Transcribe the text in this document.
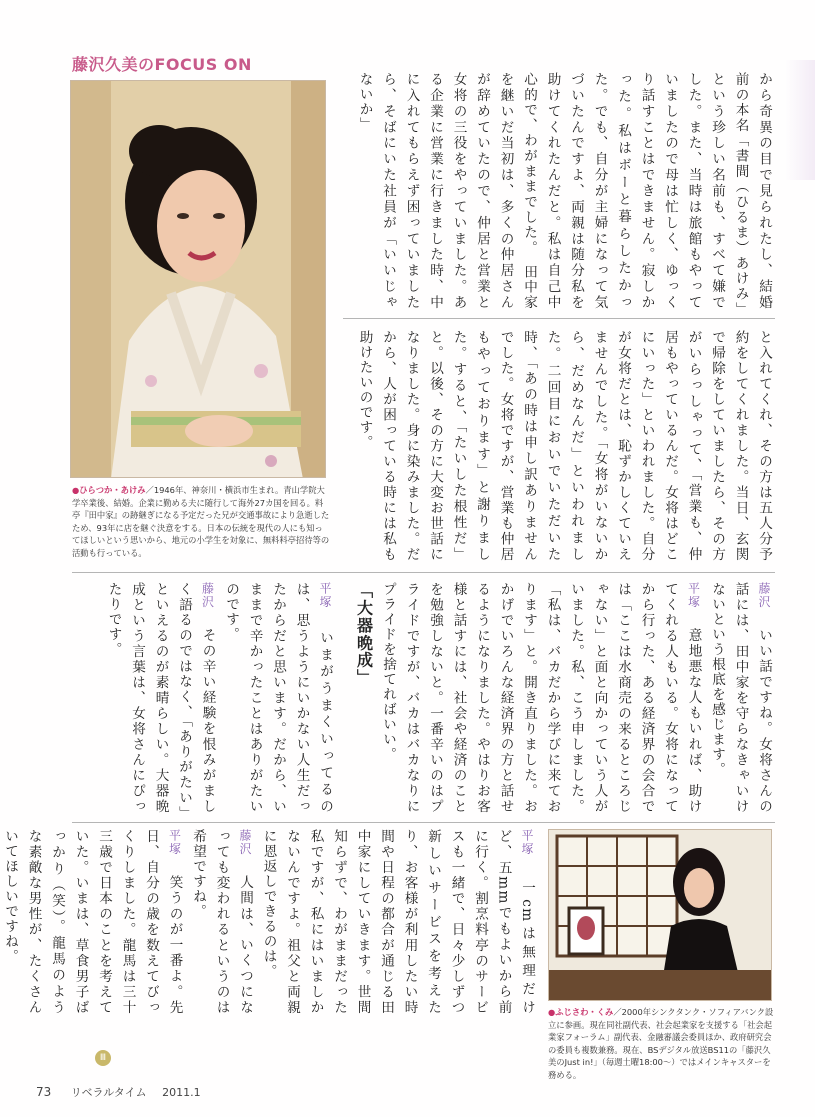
藤沢久美のFOCUS ON
●ひらつか・あけみ／1946年、神奈川・横浜市生まれ。青山学院大学卒業後、結婚。企業に勤める夫に随行して海外27カ国を回る。料亭『田中家』の跡継ぎになる予定だった兄が交通事故により急逝したため、93年に店を継ぐ決意をする。日本の伝統を現代の人にも知ってほしいという思いから、地元の小学生を対象に、無料料亭招待等の活動も行っている。

から奇異の目で見られたし、結婚前の本名「書間（ひるま）あけみ」という珍しい名前も、すべて嫌でした。また、当時は旅館もやっていましたので母は忙しく、ゆっくり話すことはできません。寂しかった。私はボーと暮らしたかった。でも、自分が主婦になって気づいたんですよ、両親は随分私を助けてくれたんだと。私は自己中心的で、わがままでした。　田中家を継いだ当初は、多くの仲居さんが辞めていたので、仲居と営業と女将の三役をやっていました。ある企業に営業に行きました時、中に入れてもらえず困っていましたら、そばにいた社員が「いいじゃないか」

と入れてくれ、その方は五人分予約をしてくれました。当日、玄関で帰除をしていましたら、その方がいらっしゃって、「営業も、仲居もやっているんだ。女将はどこにいった」といわれました。自分が女将だとは、恥ずかしくていえませんでした。「女将がいないから、だめなんだ」といわれました。二回目においでいただいた時、「あの時は申し訳ありませんでした。女将ですが、営業も仲居もやっております」と謝りました。すると、「たいした根性だ」と。以後、その方に大変お世話になりました。身に染みました。だから、人が困っている時には私も助けたいのです。

藤沢　いい話ですね。女将さんの話には、田中家を守らなきゃいけないという根底を感じます。

平塚　意地悪な人もいれば、助けてくれる人もいる。女将になってから行った、ある経済界の会合では「ここは水商売の来るところじゃない」と面と向かっていう人がいました。私、こう申しました。「私は、バカだから学びに来ております」と。開き直りました。おかげでいろんな経済界の方と話せるようになりました。やはりお客様と話すには、社会や経済のことを勉強しないと。一番辛いのはプライドですが、バカはバカなりにプライドを捨てればいい。

「大器晩成」

平塚　いまがうまくいってるのは、思うようにいかない人生だったからだと思います。だから、いままで辛かったことはありがたいのです。

藤沢　その辛い経験を恨みがましく語るのではなく、「ありがたい」といえるのが素晴らしい。大器晩成という言葉は、女将さんにぴったりです。

平塚　一cmは無理だけど、五mmでもよいから前に行く。割烹料亭のサービスも一緒で、日々少しずつ新しいサービスを考えたり、お客様が利用したい時間や日程の都合が通じる田中家にしていきます。世間知らずで、わがままだった私ですが、私にはいましかないんですよ。祖父と両親に恩返しできるのは。

藤沢　人間は、いくつになっても変われるというのは希望ですね。

平塚　笑うのが一番よ。先日、自分の歳を数えてびっくりしました。龍馬は三十三歳で日本のことを考えていた。いまは、草食男子ばっかり（笑）。龍馬のような素敵な男性が、たくさんいてほしいですね。

●ふじさわ・くみ／2000年シンクタンク・ソフィアバンク設立に参画。現在同社副代表、社会起業家を支援する「社会起業家フォーラム」副代表、金融審議会委員ほか、政府研究会の委員も複数兼務。現在、BSデジタル放送BS11の「藤沢久美のJust in!」（毎週土曜18:00～）ではメインキャスターを務める。
Ⅲ
73 リベラルタイム 2011.1
